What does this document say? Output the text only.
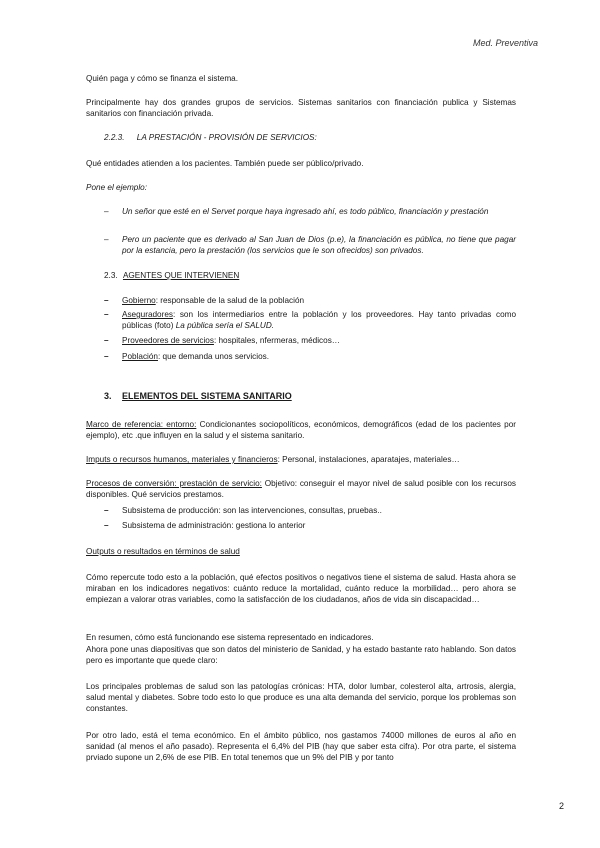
Med. Preventiva
Quién paga y cómo se finanza el sistema.
Principalmente hay dos grandes grupos de servicios. Sistemas sanitarios con financiación publica y Sistemas sanitarios con financiación privada.
2.2.3. LA PRESTACIÓN - PROVISIÓN DE SERVICIOS:
Qué entidades atienden a los pacientes. También puede ser público/privado.
Pone el ejemplo:
– Un señor que esté en el Servet porque haya ingresado ahí, es todo público, financiación y prestación
– Pero un paciente que es derivado al San Juan de Dios (p.e), la financiación es pública, no tiene que pagar por la estancia, pero la prestación (los servicios que le son ofrecidos) son privados.
2.3. AGENTES QUE INTERVIENEN
– Gobierno: responsable de la salud de la población
– Aseguradores: son los intermediarios entre la población y los proveedores. Hay tanto privadas como públicas (foto) La pública sería el SALUD.
– Proveedores de servicios: hospitales, nfermeras, médicos…
– Población: que demanda unos servicios.
3. ELEMENTOS DEL SISTEMA SANITARIO
Marco de referencia: entorno: Condicionantes sociopolíticos, económicos, demográficos (edad de los pacientes por ejemplo), etc .que influyen en la salud y el sistema sanitario.
Imputs o recursos humanos, materiales y financieros: Personal, instalaciones, aparatajes, materiales…
Procesos de conversión: prestación de servicio: Objetivo: conseguir el mayor nivel de salud posible con los recursos disponibles. Qué servicios prestamos.
– Subsistema de producción: son las intervenciones, consultas, pruebas..
– Subsistema de administración: gestiona lo anterior
Outputs o resultados en términos de salud
Cómo repercute todo esto a la población, qué efectos positivos o negativos tiene el sistema de salud. Hasta ahora se miraban en los indicadores negativos: cuánto reduce la mortalidad, cuánto reduce la morbilidad… pero ahora se empiezan a valorar otras variables, como la satisfacción de los ciudadanos, años de vida sin discapacidad…
En resumen, cómo está funcionando ese sistema representado en indicadores.
Ahora pone unas diapositivas que son datos del ministerio de Sanidad, y ha estado bastante rato hablando. Son datos pero es importante que quede claro:
Los principales problemas de salud son las patologías crónicas: HTA, dolor lumbar, colesterol alta, artrosis, alergia, salud mental y diabetes. Sobre todo esto lo que produce es una alta demanda del servicio, porque los problemas son constantes.
Por otro lado, está el tema económico. En el ámbito público, nos gastamos 74000 millones de euros al año en sanidad (al menos el año pasado). Representa el 6,4% del PIB (hay que saber esta cifra). Por otra parte, el sistema prviado supone un 2,6% de ese PIB. En total tenemos que un 9% del PIB y por tanto
2
